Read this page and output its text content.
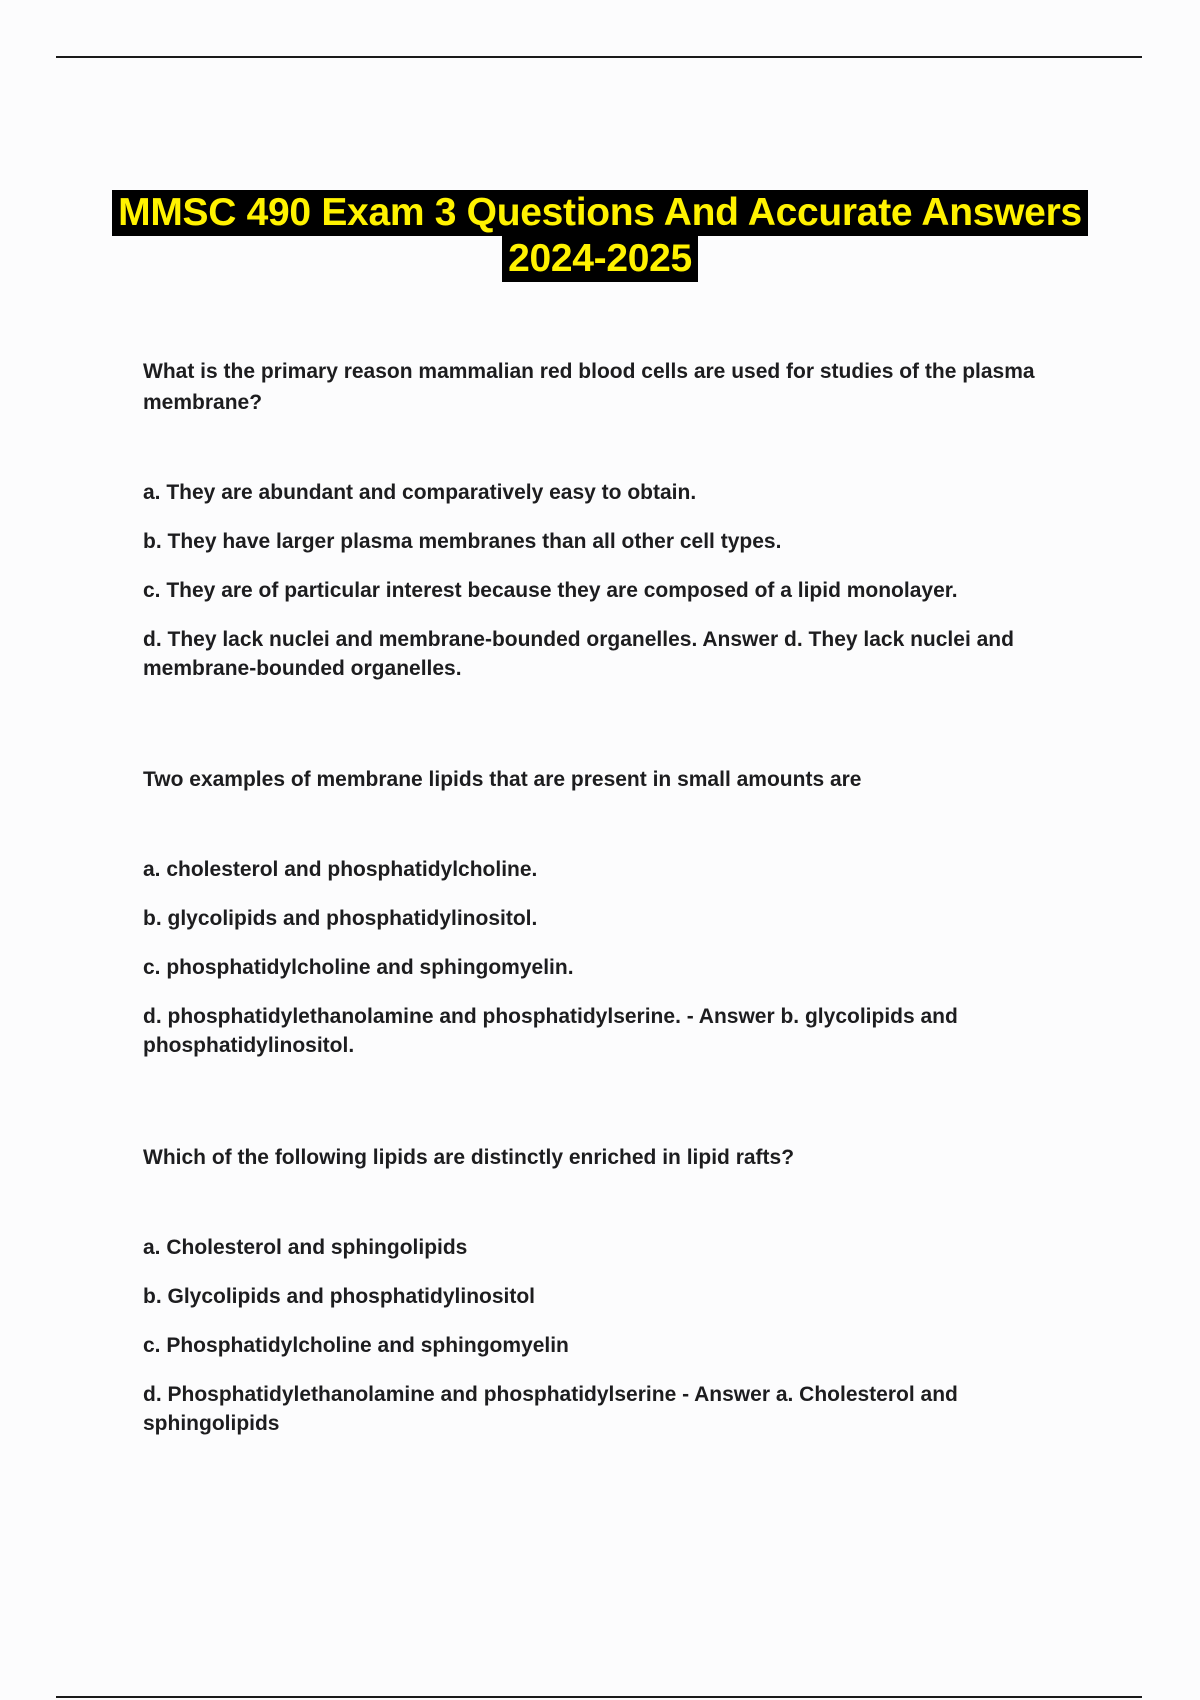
MMSC 490 Exam 3 Questions And Accurate Answers
2024-2025

What is the primary reason mammalian red blood cells are used for studies of the plasma membrane?

a. They are abundant and comparatively easy to obtain.

b. They have larger plasma membranes than all other cell types.

c. They are of particular interest because they are composed of a lipid monolayer.

d. They lack nuclei and membrane-bounded organelles. Answer d. They lack nuclei and membrane-bounded organelles.

Two examples of membrane lipids that are present in small amounts are

a. cholesterol and phosphatidylcholine.

b. glycolipids and phosphatidylinositol.

c. phosphatidylcholine and sphingomyelin.

d. phosphatidylethanolamine and phosphatidylserine. - Answer b. glycolipids and phosphatidylinositol.

Which of the following lipids are distinctly enriched in lipid rafts?

a. Cholesterol and sphingolipids

b. Glycolipids and phosphatidylinositol

c. Phosphatidylcholine and sphingomyelin

d. Phosphatidylethanolamine and phosphatidylserine - Answer a. Cholesterol and sphingolipids
